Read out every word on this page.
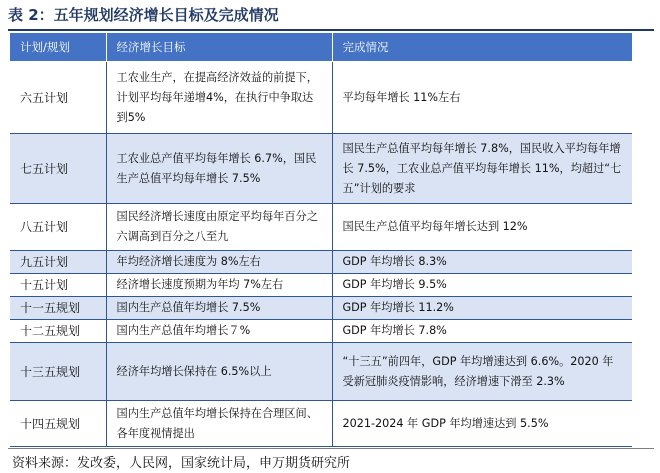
表 2：五年规划经济增长目标及完成情况
计划/规划	经济增长目标	完成情况
六五计划	工农业生产，在提高经济效益的前提下，计划平均每年递增4%，在执行中争取达到5%	平均每年增长 11%左右
七五计划	工农业总产值平均每年增长 6.7%，国民生产总值平均每年增长 7.5%	国民生产总值平均每年增长 7.8%，国民收入平均每年增长 7.5%，工农业总产值平均每年增长 11%，均超过“七五”计划的要求
八五计划	国民经济增长速度由原定平均每年百分之六调高到百分之八至九	国民生产总值平均每年增长达到 12%
九五计划	年均经济增长速度为 8%左右	GDP 年均增长 8.3%
十五计划	经济增长速度预期为年均 7%左右	GDP 年均增长 9.5%
十一五规划	国内生产总值年均增长 7.5%	GDP 年均增长 11.2%
十二五规划	国内生产总值年均增长７%	GDP 年均增长 7.8%
十三五规划	经济年均增长保持在 6.5%以上	“十三五”前四年，GDP 年均增速达到 6.6%。2020 年受新冠肺炎疫情影响，经济增速下滑至 2.3%
十四五规划	国内生产总值年均增长保持在合理区间、各年度视情提出	2021-2024 年 GDP 年均增速达到 5.5%
资料来源：发改委，人民网，国家统计局，申万期货研究所
